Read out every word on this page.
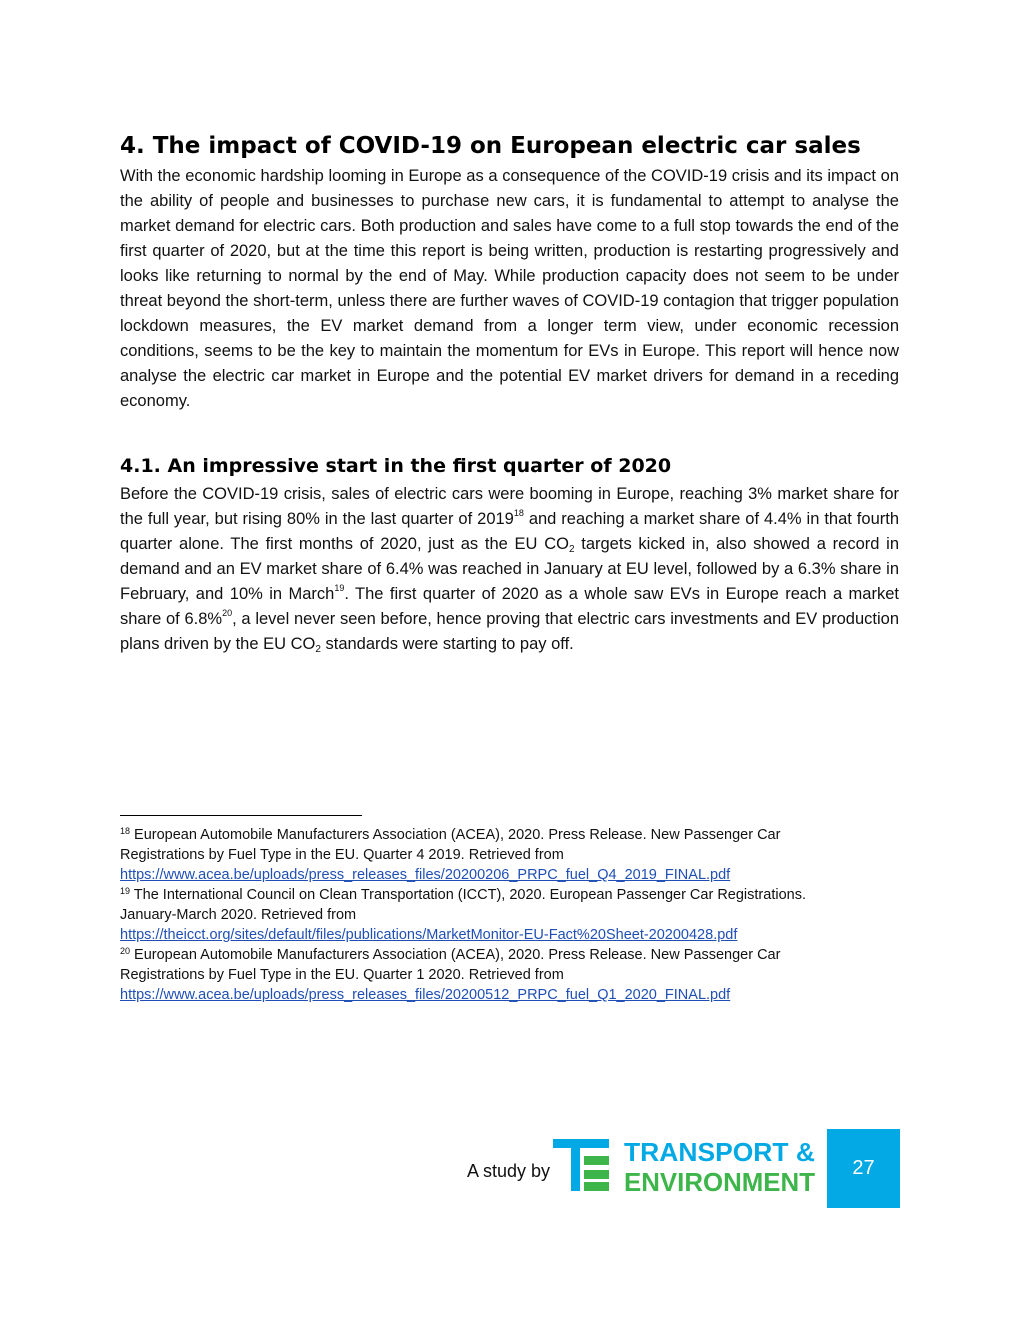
4. The impact of COVID-19 on European electric car sales

With the economic hardship looming in Europe as a consequence of the COVID-19 crisis and its impact on the ability of people and businesses to purchase new cars, it is fundamental to attempt to analyse the market demand for electric cars. Both production and sales have come to a full stop towards the end of the first quarter of 2020, but at the time this report is being written, production is restarting progressively and looks like returning to normal by the end of May. While production capacity does not seem to be under threat beyond the short-term, unless there are further waves of COVID-19 contagion that trigger population lockdown measures, the EV market demand from a longer term view, under economic recession conditions, seems to be the key to maintain the momentum for EVs in Europe. This report will hence now analyse the electric car market in Europe and the potential EV market drivers for demand in a receding economy.

4.1. An impressive start in the first quarter of 2020

Before the COVID-19 crisis, sales of electric cars were booming in Europe, reaching 3% market share for the full year, but rising 80% in the last quarter of 2019$^{18}$ and reaching a market share of 4.4% in that fourth quarter alone. The first months of 2020, just as the EU $CO_2$ targets kicked in, also showed a record in demand and an EV market share of 6.4% was reached in January at EU level, followed by a 6.3% share in February, and 10% in March$^{19}$. The first quarter of 2020 as a whole saw EVs in Europe reach a market share of 6.8%$^{20}$, a level never seen before, hence proving that electric cars investments and EV production plans driven by the EU $CO_2$ standards were starting to pay off.

$^{18}$ European Automobile Manufacturers Association (ACEA), 2020. Press Release. New Passenger Car

Registrations by Fuel Type in the EU. Quarter 4 2019. Retrieved from

https://www.acea.be/uploads/press_releases_files/20200206_PRPC_fuel_Q4_2019_FINAL.pdf

$^{19}$ The International Council on Clean Transportation (ICCT), 2020. European Passenger Car Registrations.

January-March 2020. Retrieved from

https://theicct.org/sites/default/files/publications/MarketMonitor-EU-Fact%20Sheet-20200428.pdf

$^{20}$ European Automobile Manufacturers Association (ACEA), 2020. Press Release. New Passenger Car

Registrations by Fuel Type in the EU. Quarter 1 2020. Retrieved from

https://www.acea.be/uploads/press_releases_files/20200512_PRPC_fuel_Q1_2020_FINAL.pdf

A study by
TRANSPORT &
ENVIRONMENT 27
